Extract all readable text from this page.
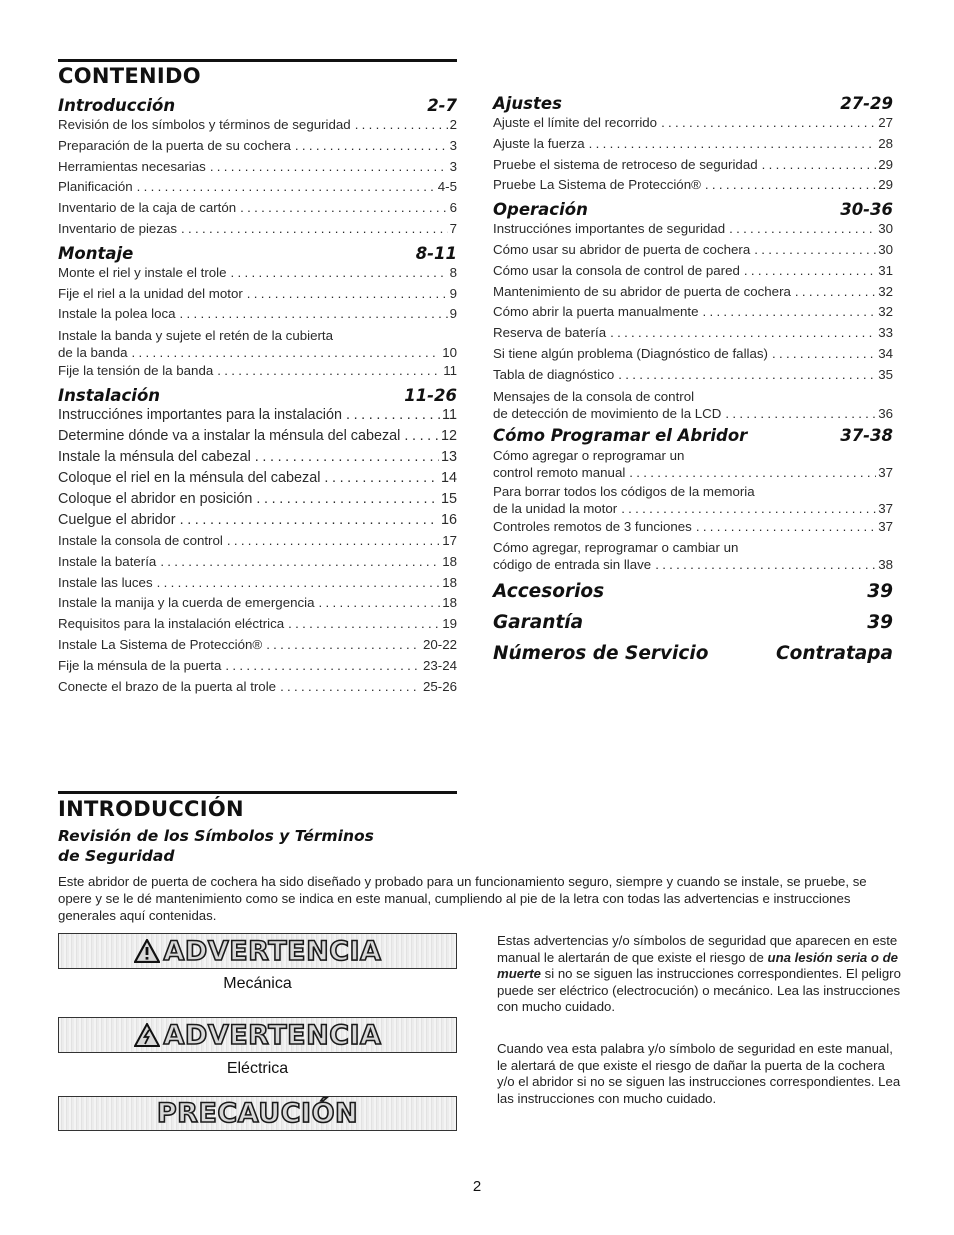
CONTENIDO
Introducción	2-7
Revisión de los símbolos y términos de seguridad . . .	2
Preparación de la puerta de su cochera . . .	3
Herramientas necesarias . . .	3
Planificación . . .	4-5
Inventario de la caja de cartón . . .	6
Inventario de piezas . . .	7
Montaje	8-11
Monte el riel y instale el trole . . .	8
Fije el riel a la unidad del motor . . .	9
Instale la polea loca . . .	9
Instale la banda y sujete el retén de la cubierta
de la banda . . .	10
Fije la tensión de la banda . . .	11
Instalación	11-26
Instrucciónes importantes para la instalación . . .	11
Determine dónde va a instalar la ménsula del cabezal . . .	12
Instale la ménsula del cabezal . . .	13
Coloque el riel en la ménsula del cabezal . . .	14
Coloque el abridor en posición . . .	15
Cuelgue el abridor . . .	16
Instale la consola de control . . .	17
Instale la batería . . .	18
Instale las luces . . .	18
Instale la manija y la cuerda de emergencia . . .	18
Requisitos para la instalación eléctrica . . .	19
Instale La Sistema de Protección® . . .	20-22
Fije la ménsula de la puerta . . .	23-24
Conecte el brazo de la puerta al trole . . .	25-26
Ajustes	27-29
Ajuste el límite del recorrido . . .	27
Ajuste la fuerza . . .	28
Pruebe el sistema de retroceso de seguridad . . .	29
Pruebe La Sistema de Protección® . . .	29
Operación	30-36
Instrucciónes importantes de seguridad . . .	30
Cómo usar su abridor de puerta de cochera . . .	30
Cómo usar la consola de control de pared . . .	31
Mantenimiento de su abridor de puerta de cochera . . .	32
Cómo abrir la puerta manualmente . . .	32
Reserva de batería . . .	33
Si tiene algún problema (Diagnóstico de fallas) . . .	34
Tabla de diagnóstico . . .	35
Mensajes de la consola de control
de detección de movimiento de la LCD . . .	36
Cómo Programar el Abridor	37-38
Cómo agregar o reprogramar un
control remoto manual . . .	37
Para borrar todos los códigos de la memoria
de la unidad la motor . . .	37
Controles remotos de 3 funciones . . .	37
Cómo agregar, reprogramar o cambiar un
código de entrada sin llave . . .	38
Accesorios	39
Garantía	39
Números de Servicio	Contratapa
INTRODUCCIÓN
Revisión de los Símbolos y Términos
de Seguridad

Este abridor de puerta de cochera ha sido diseñado y probado para un funcionamiento seguro, siempre y cuando se instale, se pruebe, se opere y se le dé mantenimiento como se indica en este manual, cumpliendo al pie de la letra con todas las advertencias e instrucciones generales aquí contenidas.

ADVERTENCIA
Mecánica
ADVERTENCIA
Eléctrica
PRECAUCIÓN

Estas advertencias y/o símbolos de seguridad que aparecen en este manual le alertarán de que existe el riesgo de una lesión seria o de muerte si no se siguen las instrucciones correspondientes. El peligro puede ser eléctrico (electrocución) o mecánico. Lea las instrucciones con mucho cuidado.

Cuando vea esta palabra y/o símbolo de seguridad en este manual, le alertará de que existe el riesgo de dañar la puerta de la cochera y/o el abridor si no se siguen las instrucciones correspondientes. Lea las instrucciones con mucho cuidado.

2
